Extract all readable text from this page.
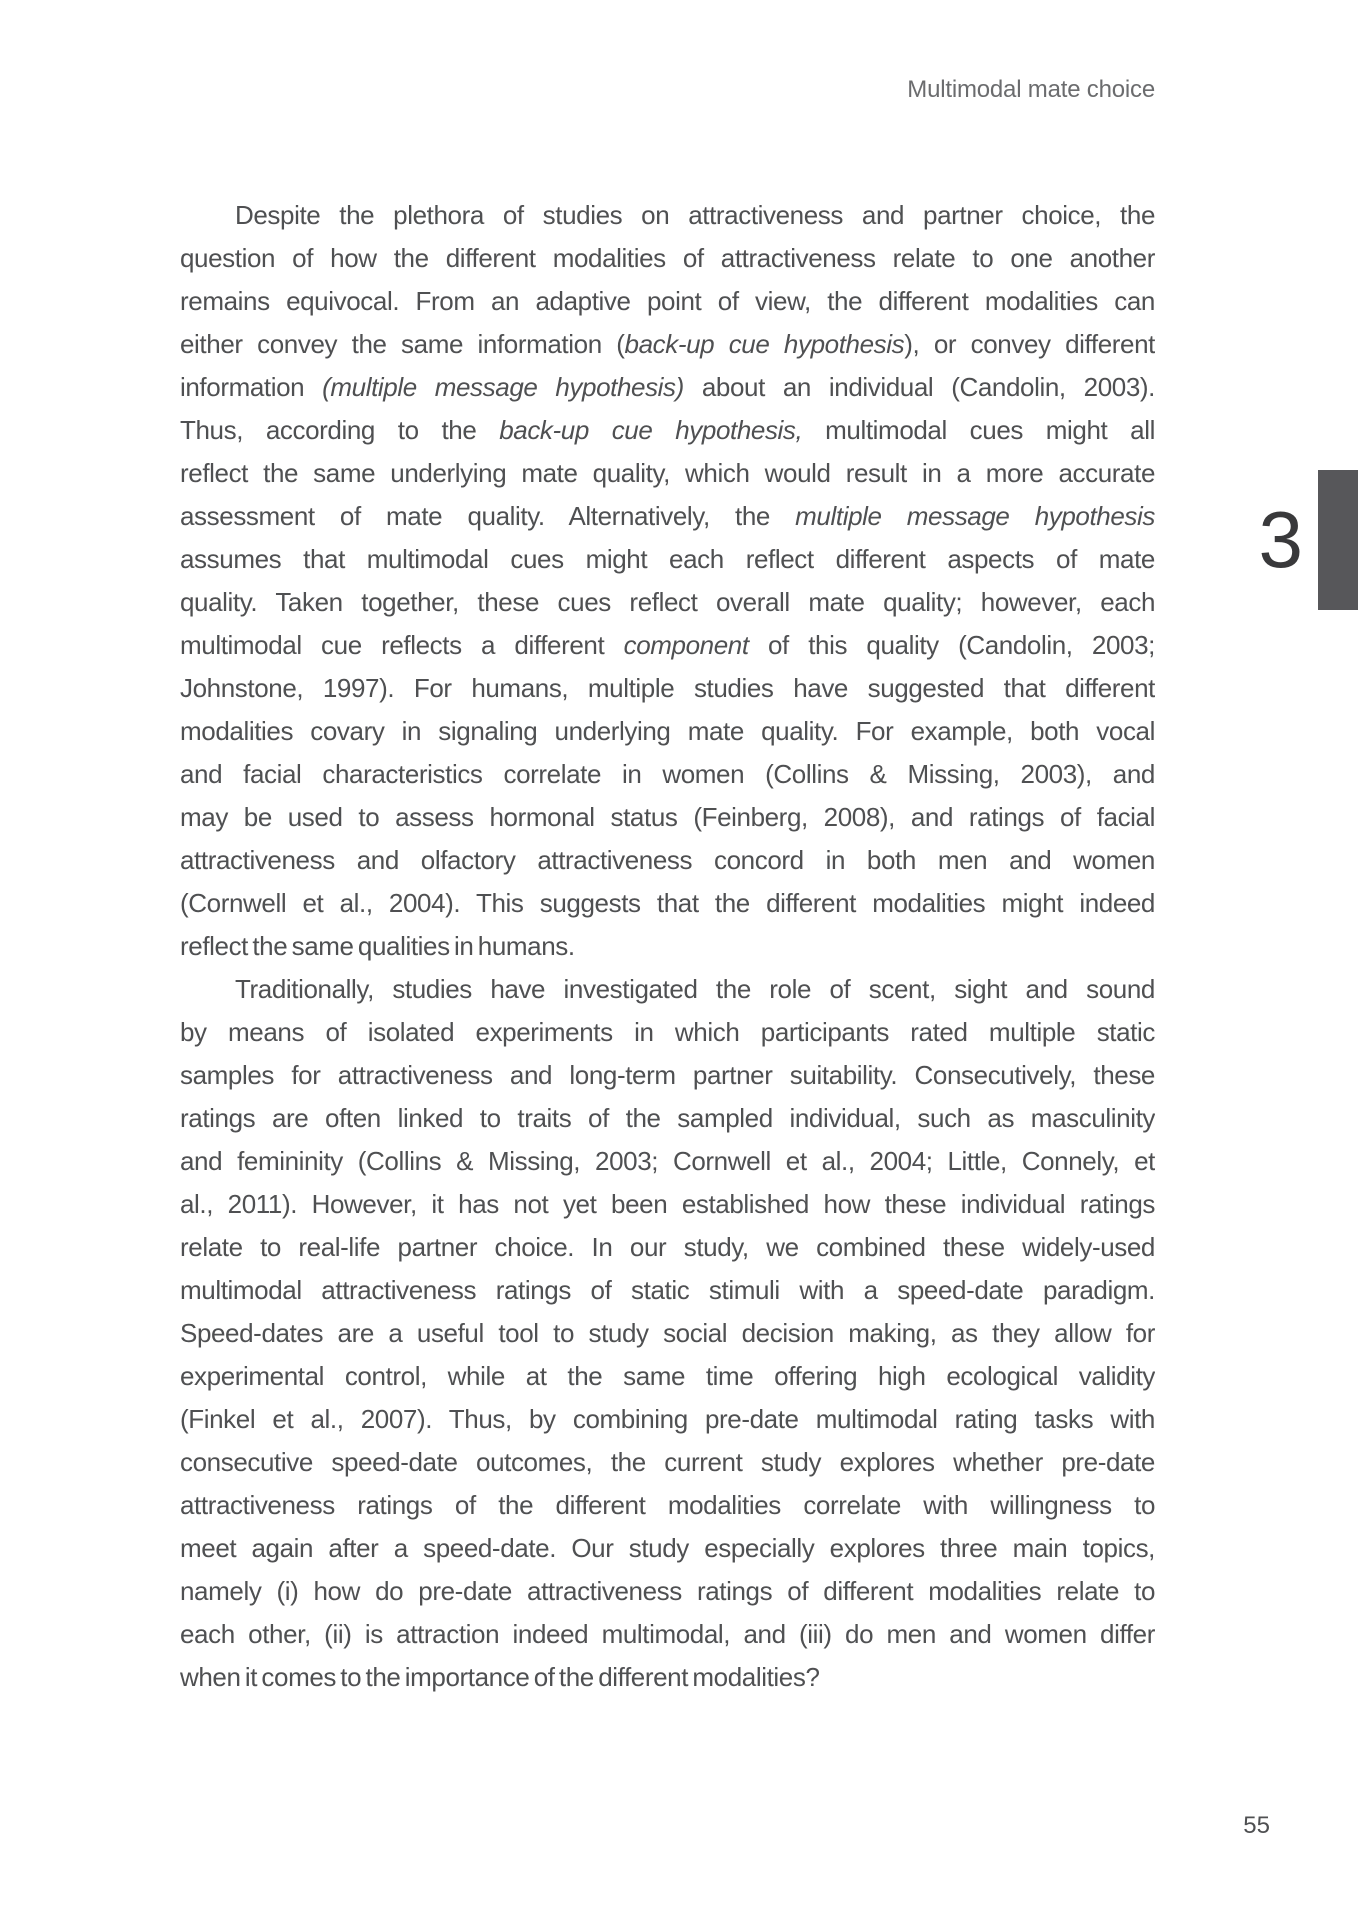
Multimodal mate choice
Despite the plethora of studies on attractiveness and partner choice, the
question of how the different modalities of attractiveness relate to one another
remains equivocal. From an adaptive point of view, the different modalities can
either convey the same information (back-up cue hypothesis), or convey different
information (multiple message hypothesis) about an individual (Candolin, 2003).
Thus, according to the back-up cue hypothesis, multimodal cues might all
reflect the same underlying mate quality, which would result in a more accurate
assessment of mate quality. Alternatively, the multiple message hypothesis
assumes that multimodal cues might each reflect different aspects of mate
quality. Taken together, these cues reflect overall mate quality; however, each
multimodal cue reflects a different component of this quality (Candolin, 2003;
Johnstone, 1997). For humans, multiple studies have suggested that different
modalities covary in signaling underlying mate quality. For example, both vocal
and facial characteristics correlate in women (Collins & Missing, 2003), and
may be used to assess hormonal status (Feinberg, 2008), and ratings of facial
attractiveness and olfactory attractiveness concord in both men and women
(Cornwell et al., 2004). This suggests that the different modalities might indeed
reflect the same qualities in humans.
Traditionally, studies have investigated the role of scent, sight and sound
by means of isolated experiments in which participants rated multiple static
samples for attractiveness and long-term partner suitability. Consecutively, these
ratings are often linked to traits of the sampled individual, such as masculinity
and femininity (Collins & Missing, 2003; Cornwell et al., 2004; Little, Connely, et
al., 2011). However, it has not yet been established how these individual ratings
relate to real-life partner choice. In our study, we combined these widely-used
multimodal attractiveness ratings of static stimuli with a speed-date paradigm.
Speed-dates are a useful tool to study social decision making, as they allow for
experimental control, while at the same time offering high ecological validity
(Finkel et al., 2007). Thus, by combining pre-date multimodal rating tasks with
consecutive speed-date outcomes, the current study explores whether pre-date
attractiveness ratings of the different modalities correlate with willingness to
meet again after a speed-date. Our study especially explores three main topics,
namely (i) how do pre-date attractiveness ratings of different modalities relate to
each other, (ii) is attraction indeed multimodal, and (iii) do men and women differ
when it comes to the importance of the different modalities?
3
55
